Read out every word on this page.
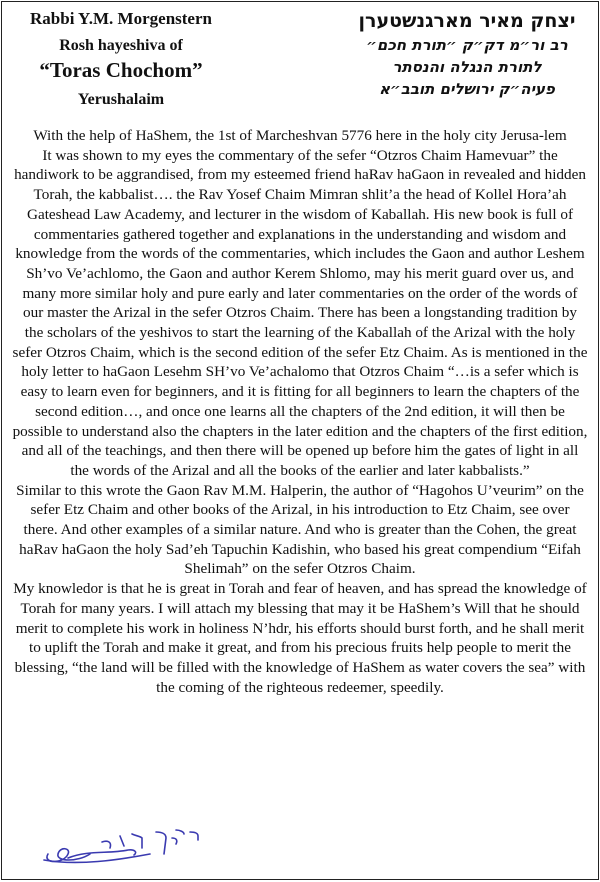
Rabbi Y.M. Morgenstern
Rosh hayeshiva of
“Toras Chochom”
Yerushalaim
יצחק מאיר מארגנשטערן
רב ור״מ דק״ק ״תורת חכם״
לתורת הנגלה והנסתר
פעיה״ק ירושלים תובב״א

With the help of HaShem, the 1st of Marcheshvan 5776 here in the holy city Jerusa-lem

It was shown to my eyes the commentary of the sefer “Otzros Chaim Hamevuar” the handiwork to be aggrandised, from my esteemed friend haRav haGaon in revealed and hidden Torah, the kabbalist…. the Rav Yosef Chaim Mimran shlit’a the head of Kollel Hora’ah Gateshead Law Academy, and lecturer in the wisdom of Kaballah. His new book is full of commentaries gathered together and explanations in the understanding and wisdom and knowledge from the words of the commentaries, which includes the Gaon and author Leshem Sh’vo Ve’achlomo, the Gaon and author Kerem Shlomo, may his merit guard over us, and many more similar holy and pure early and later commentaries on the order of the words of our master the Arizal in the sefer Otzros Chaim. There has been a longstanding tradition by the scholars of the yeshivos to start the learning of the Kaballah of the Arizal with the holy sefer Otzros Chaim, which is the second edition of the sefer Etz Chaim. As is mentioned in the holy letter to haGaon Lesehm SH’vo Ve’achalomo that Otzros Chaim “…is a sefer which is easy to learn even for beginners, and it is fitting for all beginners to learn the chapters of the second edition…, and once one learns all the chapters of the 2nd edition, it will then be possible to understand also the chapters in the later edition and the chapters of the first edition, and all of the teachings, and then there will be opened up before him the gates of light in all the words of the Arizal and all the books of the earlier and later kabbalists.”

Similar to this wrote the Gaon Rav M.M. Halperin, the author of “Hagohos U’veurim” on the sefer Etz Chaim and other books of the Arizal, in his introduction to Etz Chaim, see over there. And other examples of a similar nature. And who is greater than the Cohen, the great haRav haGaon the holy Sad’eh Tapuchin Kadishin, who based his great compendium “Eifah Shelimah” on the sefer Otzros Chaim.

My knowledor is that he is great in Torah and fear of heaven, and has spread the knowledge of Torah for many years. I will attach my blessing that may it be HaShem’s Will that he should merit to complete his work in holiness N’hdr, his efforts should burst forth, and he shall merit to uplift the Torah and make it great, and from his precious fruits help people to merit the blessing, “the land will be filled with the knowledge of HaShem as water covers the sea” with the coming of the righteous redeemer, speedily.
